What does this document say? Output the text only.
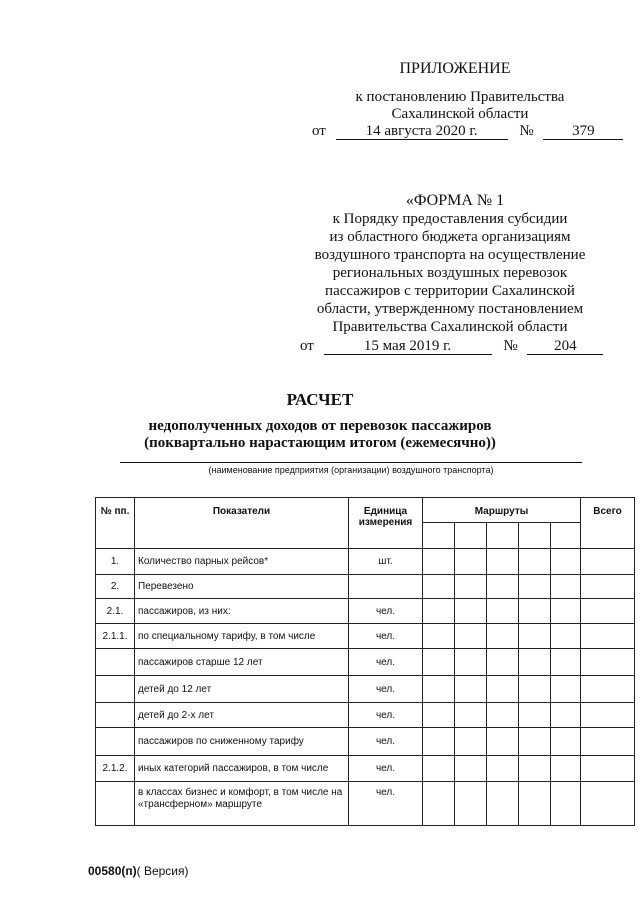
ПРИЛОЖЕНИЕ
к постановлению Правительства
Сахалинской области
от	14 августа 2020 г.	№	379
«ФОРМА № 1
к Порядку предоставления субсидии
из областного бюджета организациям
воздушного транспорта на осуществление
региональных воздушных перевозок
пассажиров с территории Сахалинской
области, утвержденному постановлением
Правительства Сахалинской области
от	15 мая 2019 г.	№ 204
РАСЧЕТ
недополученных доходов от перевозок пассажиров
(поквартально нарастающим итогом (ежемесячно))
(наименование предприятия (организации) воздушного транспорта)
№ пп.	Показатели	Единица измерения	Маршруты					Всего

1.	Количество парных рейсов*	шт.						
2.	Перевезено							
2.1.	пассажиров, из них:	чел.						
2.1.1.	по специальному тарифу, в том числе	чел.						
	пассажиров старше 12 лет	чел.						
	детей до 12 лет	чел.						
	детей до 2-х лет	чел.						
	пассажиров по сниженному тарифу	чел.						
2.1.2.	иных категорий пассажиров, в том числе	чел.						
	в классах бизнес и комфорт, в том числе на «трансферном» маршруте	чел.						
00580(п)( Версия)
